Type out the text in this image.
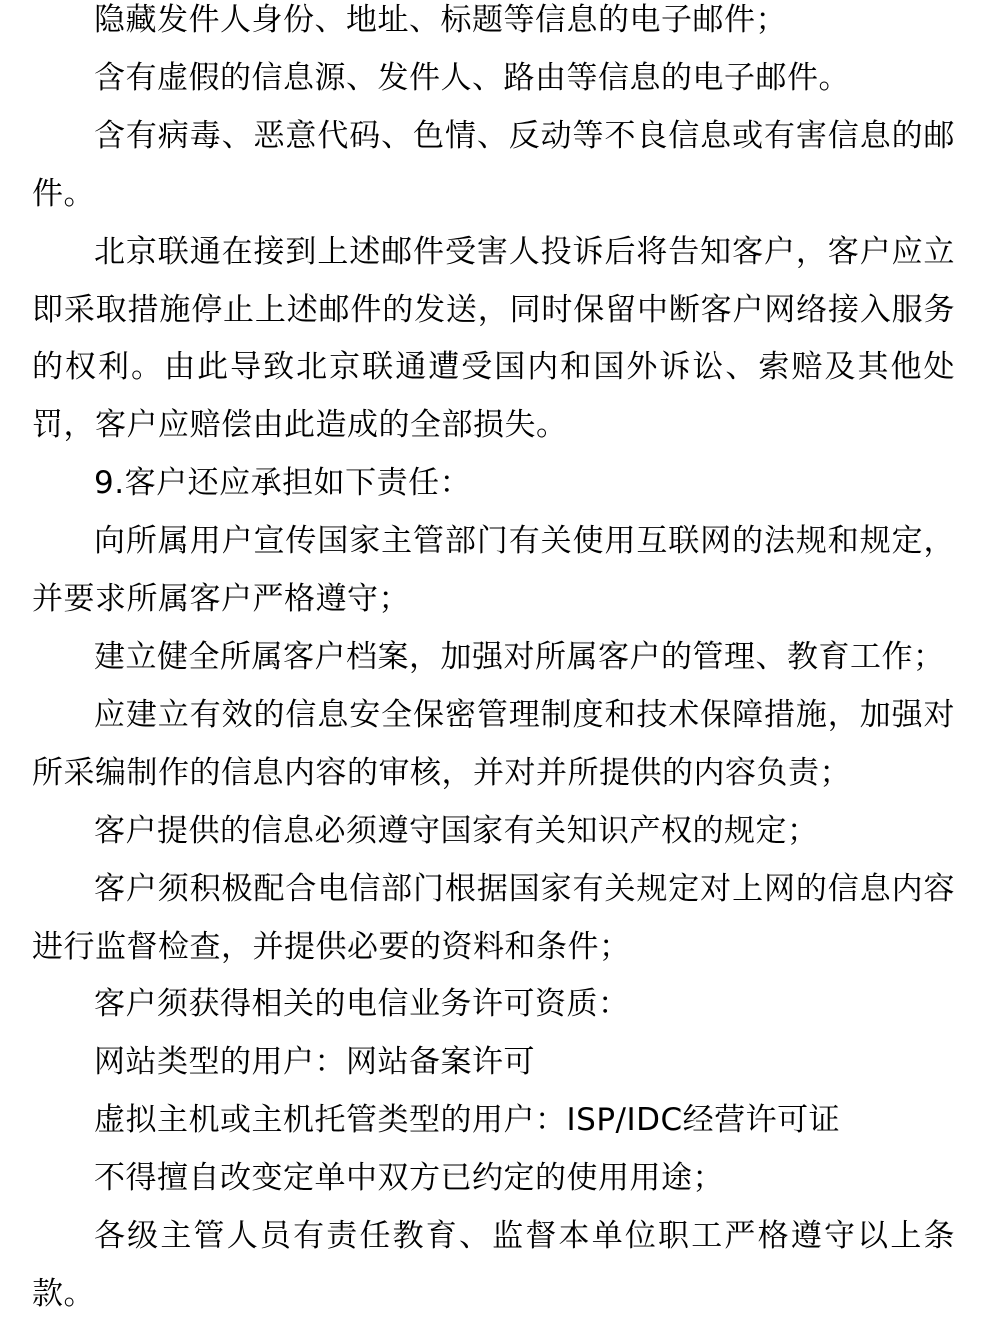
隐藏发件人身份、地址、标题等信息的电子邮件；

含有虚假的信息源、发件人、路由等信息的电子邮件。

含有病毒、恶意代码、色情、反动等不良信息或有害信息的邮件。

北京联通在接到上述邮件受害人投诉后将告知客户，客户应立即采取措施停止上述邮件的发送，同时保留中断客户网络接入服务的权利。由此导致北京联通遭受国内和国外诉讼、索赔及其他处罚，客户应赔偿由此造成的全部损失。

9.客户还应承担如下责任：

向所属用户宣传国家主管部门有关使用互联网的法规和规定，并要求所属客户严格遵守；

建立健全所属客户档案，加强对所属客户的管理、教育工作；

应建立有效的信息安全保密管理制度和技术保障措施，加强对所采编制作的信息内容的审核，并对并所提供的内容负责；

客户提供的信息必须遵守国家有关知识产权的规定；

客户须积极配合电信部门根据国家有关规定对上网的信息内容进行监督检查，并提供必要的资料和条件；

客户须获得相关的电信业务许可资质：

网站类型的用户：网站备案许可

虚拟主机或主机托管类型的用户：ISP/IDC经营许可证

不得擅自改变定单中双方已约定的使用用途；

各级主管人员有责任教育、监督本单位职工严格遵守以上条款。
